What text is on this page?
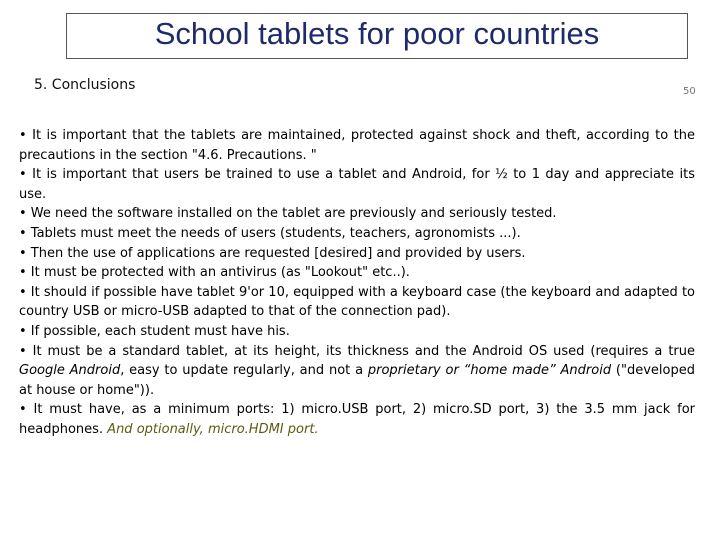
School tablets for poor countries
5. Conclusions	50

• It is important that the tablets are maintained, protected against shock and theft, according to the precautions in the section "4.6. Precautions. "

• It is important that users be trained to use a tablet and Android, for ½ to 1 day and appreciate its use.

• We need the software installed on the tablet are previously and seriously tested.

• Tablets must meet the needs of users (students, teachers, agronomists ...).

• Then the use of applications are requested [desired] and provided by users.

• It must be protected with an antivirus (as "Lookout" etc..).

• It should if possible have tablet 9'or 10, equipped with a keyboard case (the keyboard and adapted to country USB or micro-USB adapted to that of the connection pad).

• If possible, each student must have his.

• It must be a standard tablet, at its height, its thickness and the Android OS used (requires a true Google Android, easy to update regularly, and not a proprietary or “home made” Android ("developed at house or home")).

• It must have, as a minimum ports: 1) micro.USB port, 2) micro.SD port, 3) the 3.5 mm jack for headphones. And optionally, micro.HDMI port.
